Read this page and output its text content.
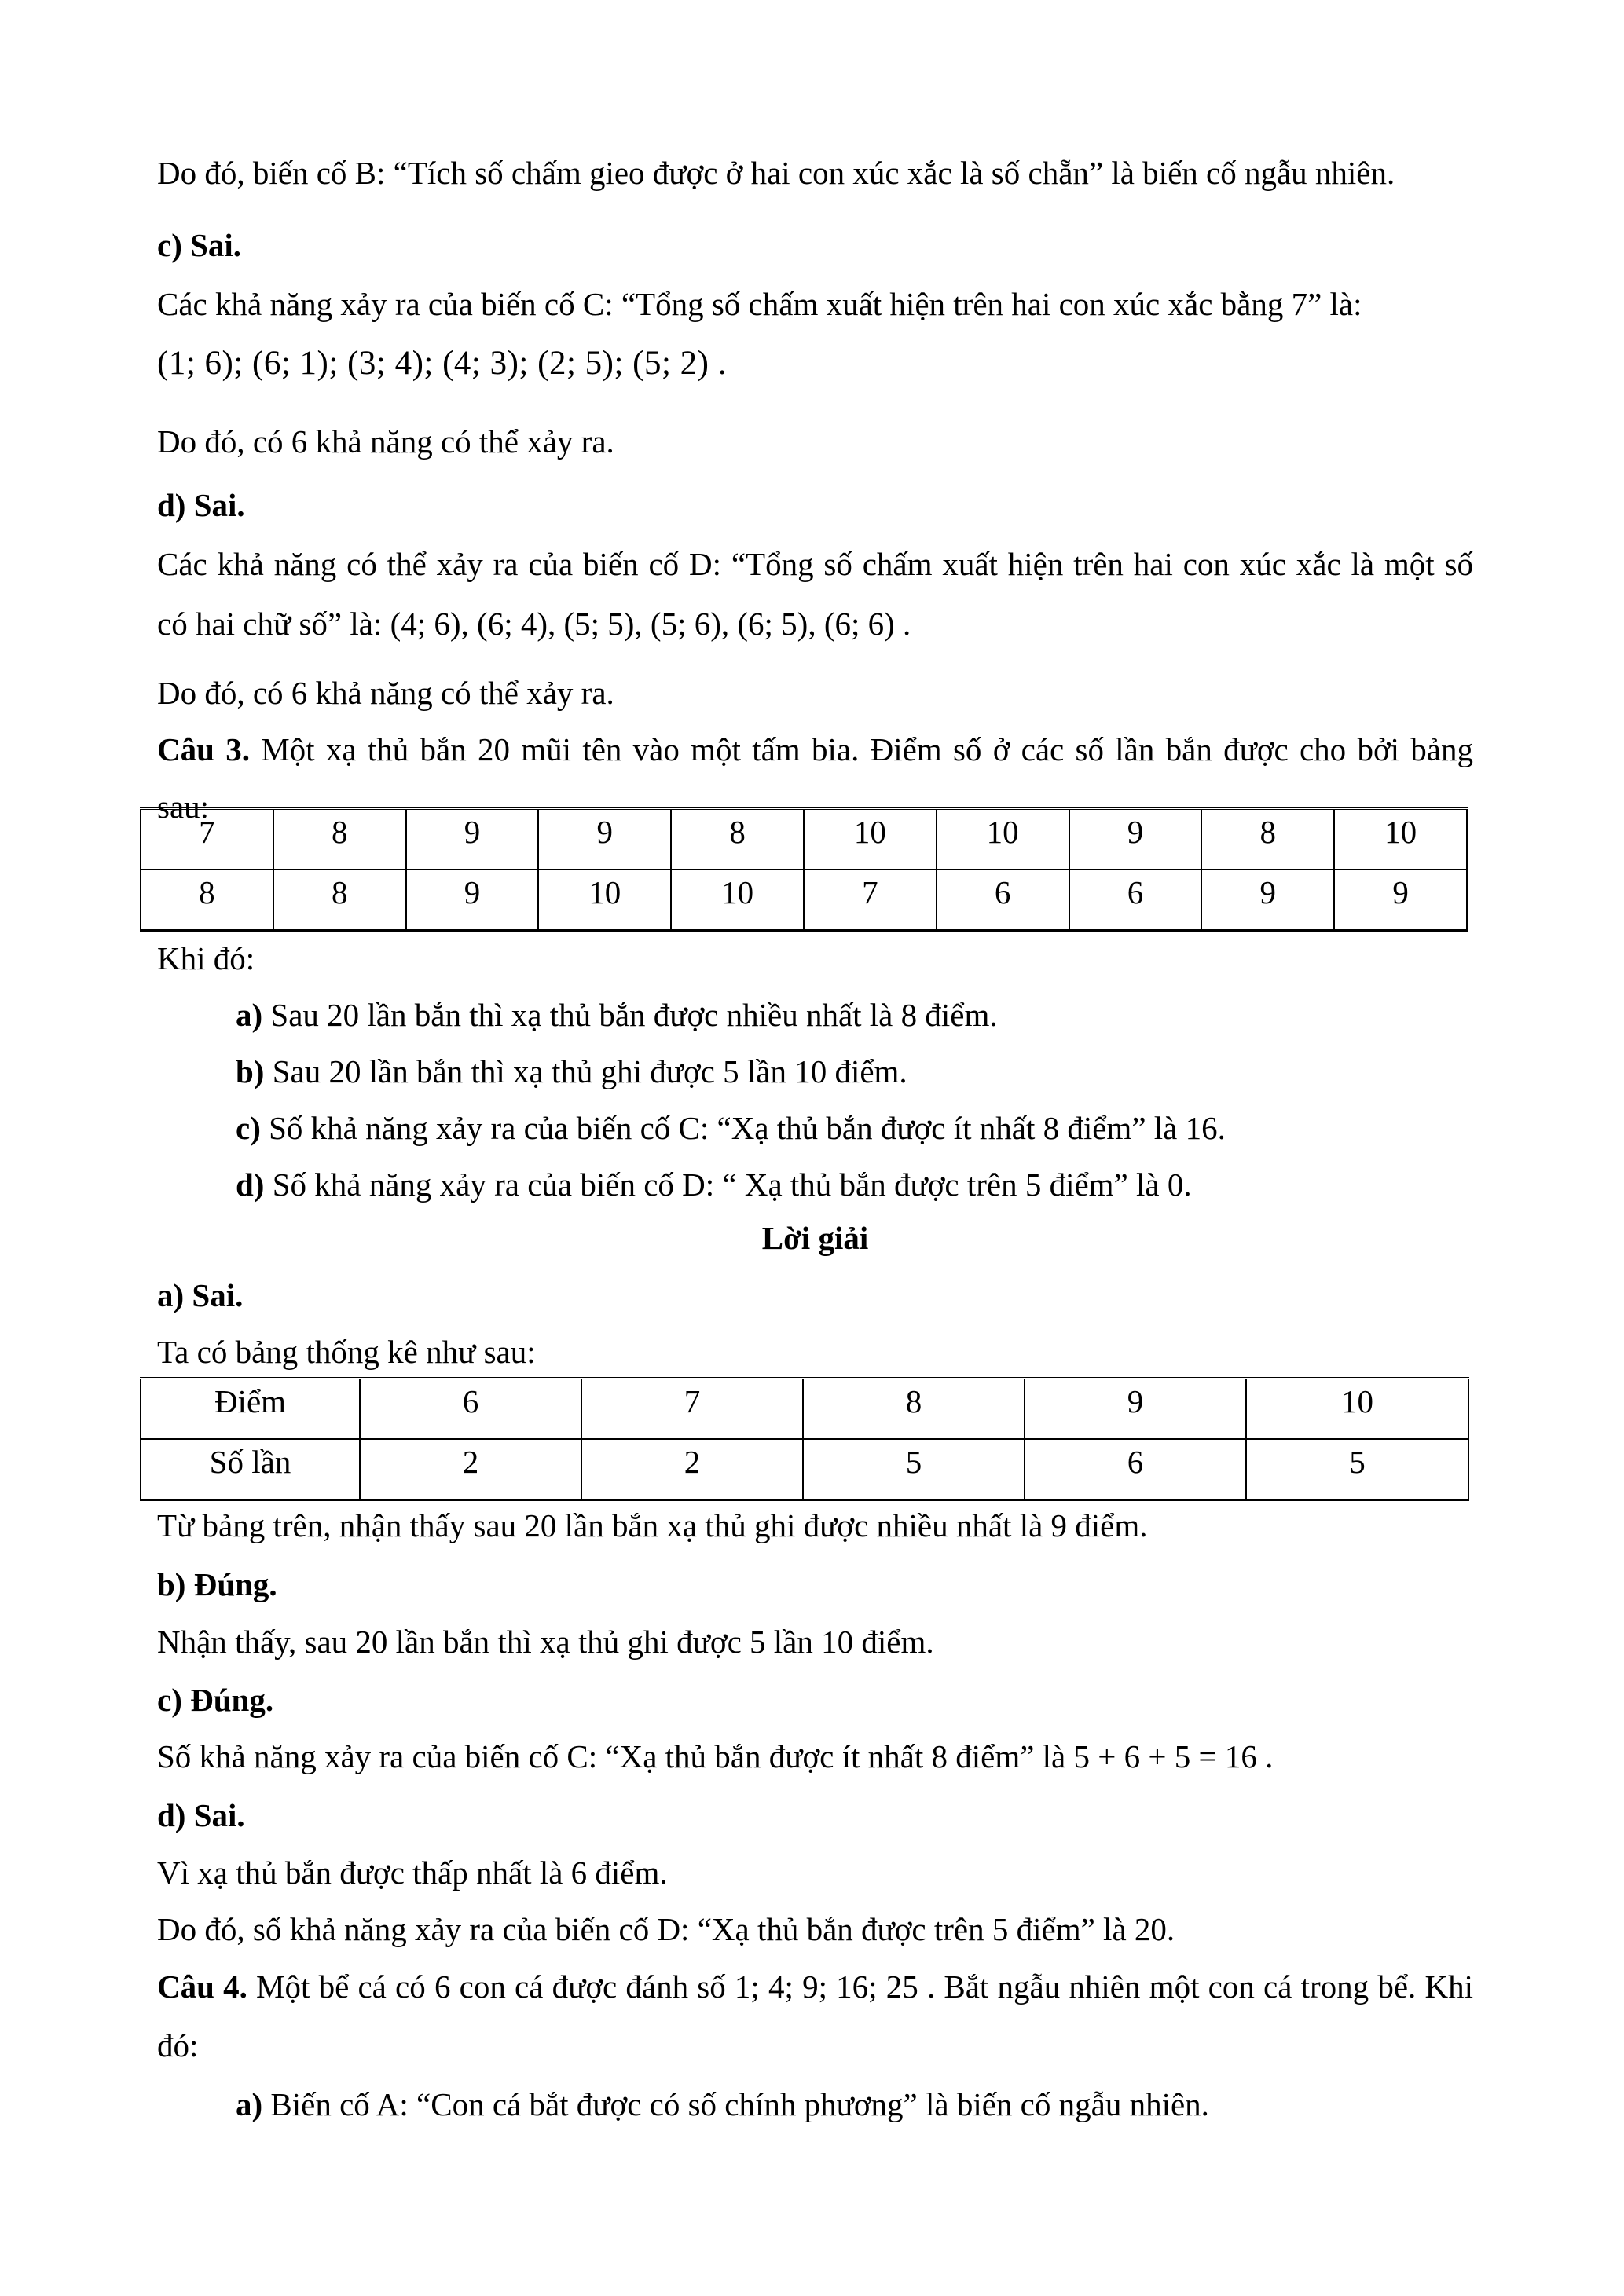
Do đó, biến cố B: “Tích số chấm gieo được ở hai con xúc xắc là số chẵn” là biến cố ngẫu nhiên.

c) Sai.

Các khả năng xảy ra của biến cố C: “Tổng số chấm xuất hiện trên hai con xúc xắc bằng 7” là:

(1; 6); (6; 1); (3; 4); (4; 3); (2; 5); (5; 2) .

Do đó, có 6 khả năng có thể xảy ra.

d) Sai.

Các khả năng có thể xảy ra của biến cố D: “Tổng số chấm xuất hiện trên hai con xúc xắc là một số

có hai chữ số” là: (4; 6), (6; 4), (5; 5), (5; 6), (6; 5), (6; 6) .

Do đó, có 6 khả năng có thể xảy ra.

Câu 3. Một xạ thủ bắn 20 mũi tên vào một tấm bia. Điểm số ở các số lần bắn được cho bởi bảng

sau:

7	8	9	9	8	10	10	9	8	10
8	8	9	10	10	7	6	6	9	9

Khi đó:

a) Sau 20 lần bắn thì xạ thủ bắn được nhiều nhất là 8 điểm.

b) Sau 20 lần bắn thì xạ thủ ghi được 5 lần 10 điểm.

c) Số khả năng xảy ra của biến cố C: “Xạ thủ bắn được ít nhất 8 điểm” là 16.

d) Số khả năng xảy ra của biến cố D: “ Xạ thủ bắn được trên 5 điểm” là 0.

Lời giải

a) Sai.

Ta có bảng thống kê như sau:

Điểm	6	7	8	9	10
Số lần	2	2	5	6	5

Từ bảng trên, nhận thấy sau 20 lần bắn xạ thủ ghi được nhiều nhất là 9 điểm.

b) Đúng.

Nhận thấy, sau 20 lần bắn thì xạ thủ ghi được 5 lần 10 điểm.

c) Đúng.

Số khả năng xảy ra của biến cố C: “Xạ thủ bắn được ít nhất 8 điểm” là 5 + 6 + 5 = 16 .

d) Sai.

Vì xạ thủ bắn được thấp nhất là 6 điểm.

Do đó, số khả năng xảy ra của biến cố D: “Xạ thủ bắn được trên 5 điểm” là 20.

Câu 4. Một bể cá có 6 con cá được đánh số 1; 4; 9; 16; 25 . Bắt ngẫu nhiên một con cá trong bể. Khi

đó:

a) Biến cố A: “Con cá bắt được có số chính phương” là biến cố ngẫu nhiên.
